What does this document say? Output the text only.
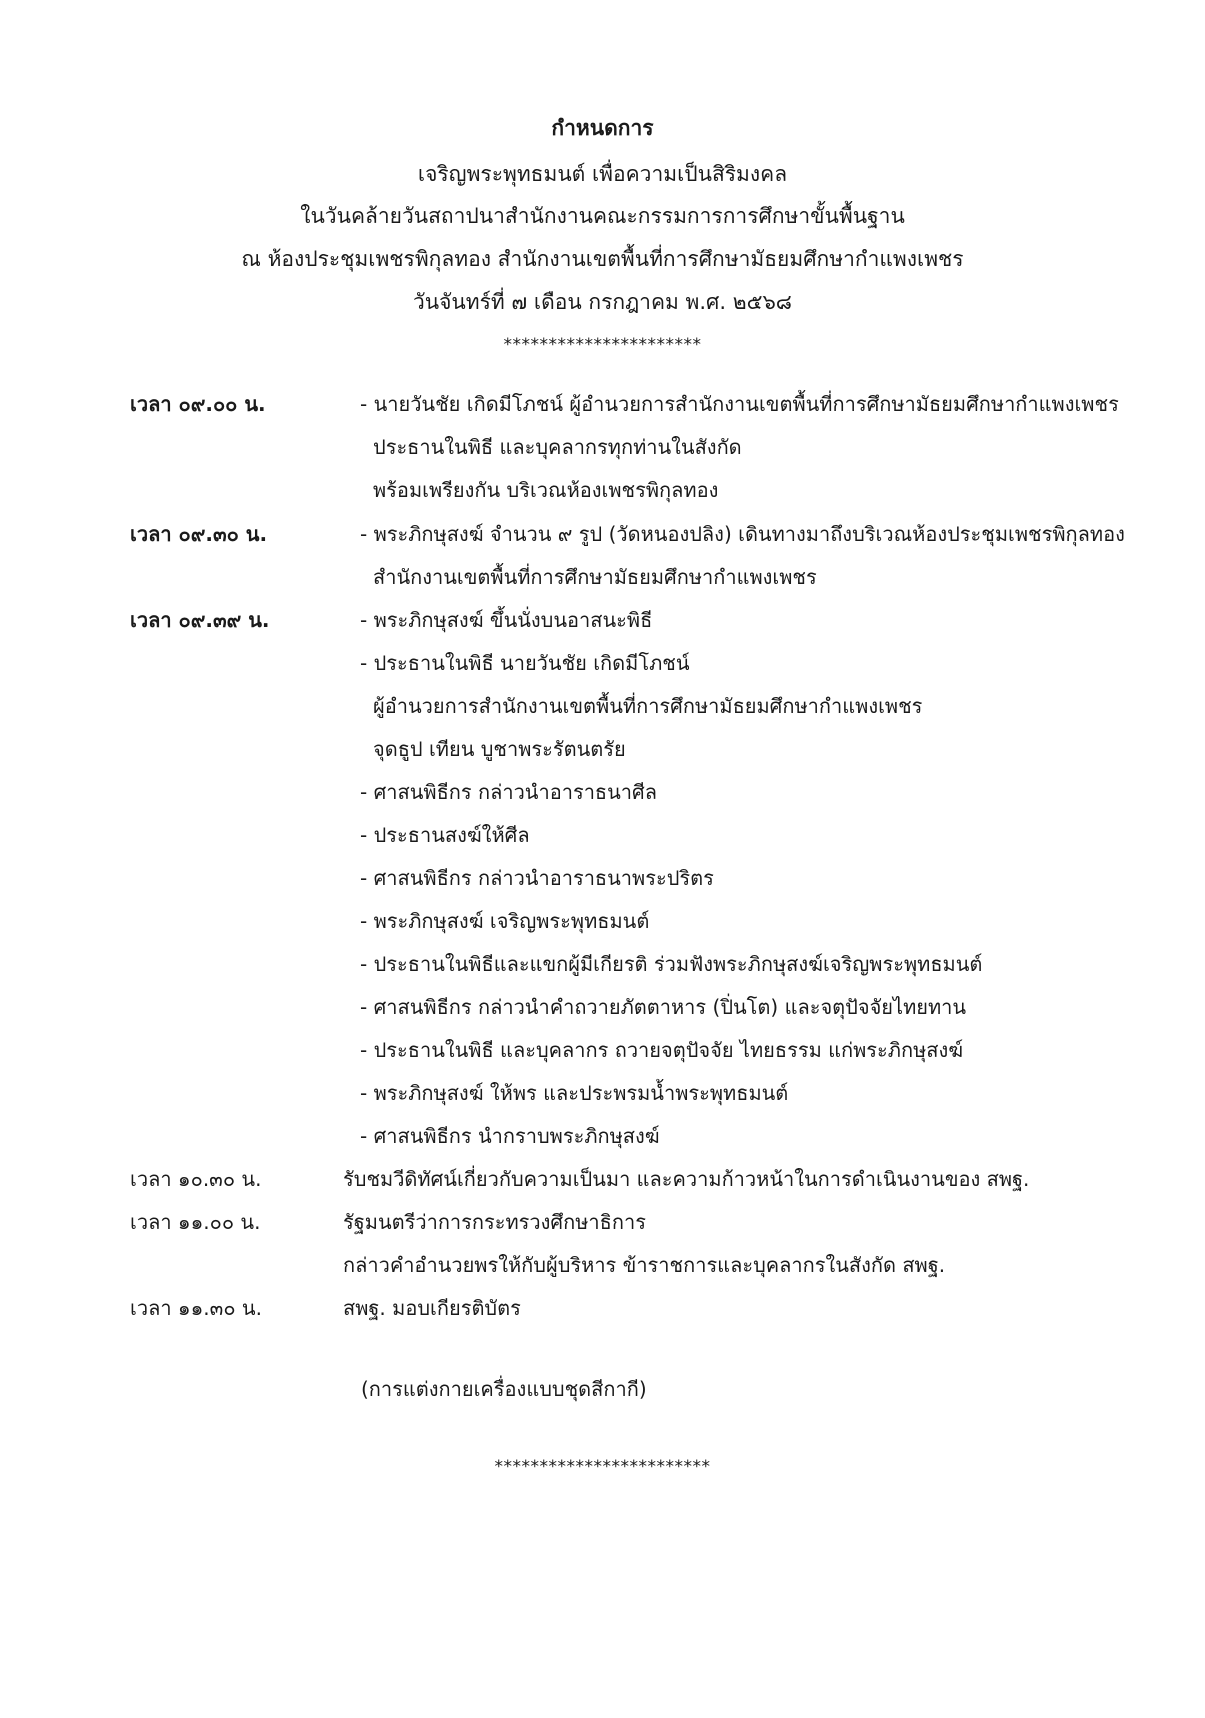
กำหนดการ
เจริญพระพุทธมนต์ เพื่อความเป็นสิริมงคล
ในวันคล้ายวันสถาปนาสำนักงานคณะกรรมการการศึกษาขั้นพื้นฐาน
ณ ห้องประชุมเพชรพิกุลทอง สำนักงานเขตพื้นที่การศึกษามัธยมศึกษากำแพงเพชร
วันจันทร์ที่ ๗ เดือน กรกฎาคม พ.ศ. ๒๕๖๘
**********************
เวลา ๐๙.๐๐ น.	- นายวันชัย เกิดมีโภชน์ ผู้อำนวยการสำนักงานเขตพื้นที่การศึกษามัธยมศึกษากำแพงเพชร
ประธานในพิธี และบุคลากรทุกท่านในสังกัด
พร้อมเพรียงกัน บริเวณห้องเพชรพิกุลทอง
เวลา ๐๙.๓๐ น.	- พระภิกษุสงฆ์ จำนวน ๙ รูป (วัดหนองปลิง) เดินทางมาถึงบริเวณห้องประชุมเพชรพิกุลทอง
สำนักงานเขตพื้นที่การศึกษามัธยมศึกษากำแพงเพชร
เวลา ๐๙.๓๙ น.	- พระภิกษุสงฆ์ ขึ้นนั่งบนอาสนะพิธี
- ประธานในพิธี นายวันชัย เกิดมีโภชน์
ผู้อำนวยการสำนักงานเขตพื้นที่การศึกษามัธยมศึกษากำแพงเพชร
จุดธูป เทียน บูชาพระรัตนตรัย
- ศาสนพิธีกร กล่าวนำอาราธนาศีล
- ประธานสงฆ์ให้ศีล
- ศาสนพิธีกร กล่าวนำอาราธนาพระปริตร
- พระภิกษุสงฆ์ เจริญพระพุทธมนต์
- ประธานในพิธีและแขกผู้มีเกียรติ ร่วมฟังพระภิกษุสงฆ์เจริญพระพุทธมนต์
- ศาสนพิธีกร กล่าวนำคำถวายภัตตาหาร (ปิ่นโต) และจตุปัจจัยไทยทาน
- ประธานในพิธี และบุคลากร ถวายจตุปัจจัย ไทยธรรม แก่พระภิกษุสงฆ์
- พระภิกษุสงฆ์ ให้พร และประพรมน้ำพระพุทธมนต์
- ศาสนพิธีกร นำกราบพระภิกษุสงฆ์
เวลา ๑๐.๓๐ น.	รับชมวีดิทัศน์เกี่ยวกับความเป็นมา และความก้าวหน้าในการดำเนินงานของ สพฐ.
เวลา ๑๑.๐๐ น.	รัฐมนตรีว่าการกระทรวงศึกษาธิการ
กล่าวคำอำนวยพรให้กับผู้บริหาร ข้าราชการและบุคลากรในสังกัด สพฐ.
เวลา ๑๑.๓๐ น.	สพฐ. มอบเกียรติบัตร
(การแต่งกายเครื่องแบบชุดสีกากี)
************************
